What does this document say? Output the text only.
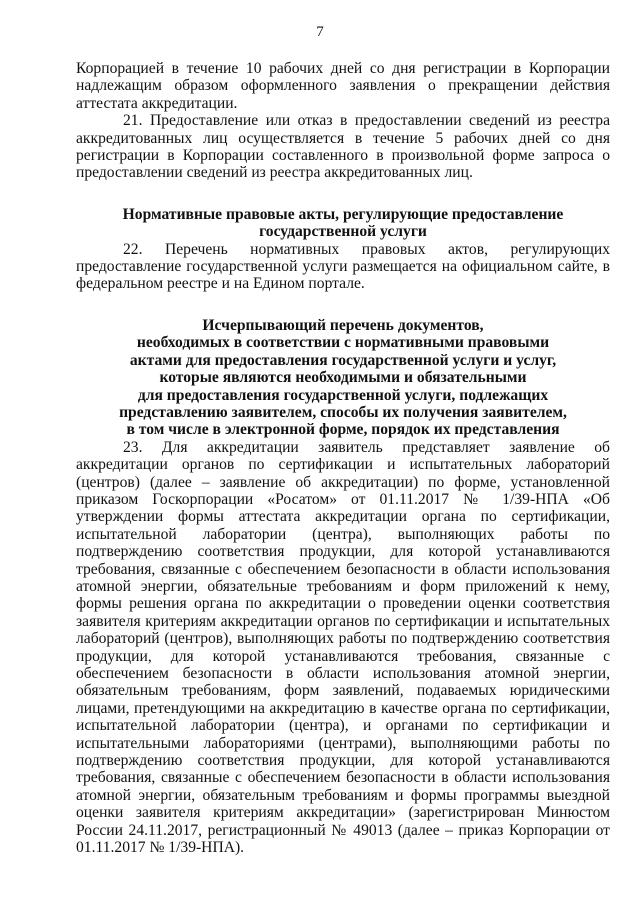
7

Корпорацией в течение 10 рабочих дней со дня регистрации в Корпорации надлежащим образом оформленного заявления о прекращении действия аттестата аккредитации.

21. Предоставление или отказ в предоставлении сведений из реестра аккредитованных лиц осуществляется в течение 5 рабочих дней со дня регистрации в Корпорации составленного в произвольной форме запроса о предоставлении сведений из реестра аккредитованных лиц.

Нормативные правовые акты, регулирующие предоставление
государственной услуги

22. Перечень нормативных правовых актов, регулирующих предоставление государственной услуги размещается на официальном сайте, в федеральном реестре и на Едином портале.

Исчерпывающий перечень документов,
необходимых в соответствии с нормативными правовыми
актами для предоставления государственной услуги и услуг,
которые являются необходимыми и обязательными
для предоставления государственной услуги, подлежащих
представлению заявителем, способы их получения заявителем,
в том числе в электронной форме, порядок их представления

23. Для аккредитации заявитель представляет заявление об аккредитации органов по сертификации и испытательных лабораторий (центров) (далее – заявление об аккредитации) по форме, установленной приказом Госкорпорации «Росатом» от 01.11.2017 № 1/39-НПА «Об утверждении формы аттестата аккредитации органа по сертификации, испытательной лаборатории (центра), выполняющих работы по подтверждению соответствия продукции, для которой устанавливаются требования, связанные с обеспечением безопасности в области использования атомной энергии, обязательные требованиям и форм приложений к нему, формы решения органа по аккредитации о проведении оценки соответствия заявителя критериям аккредитации органов по сертификации и испытательных лабораторий (центров), выполняющих работы по подтверждению соответствия продукции, для которой устанавливаются требования, связанные с обеспечением безопасности в области использования атомной энергии, обязательным требованиям, форм заявлений, подаваемых юридическими лицами, претендующими на аккредитацию в качестве органа по сертификации, испытательной лаборатории (центра), и органами по сертификации и испытательными лабораториями (центрами), выполняющими работы по подтверждению соответствия продукции, для которой устанавливаются требования, связанные с обеспечением безопасности в области использования атомной энергии, обязательным требованиям и формы программы выездной оценки заявителя критериям аккредитации» (зарегистрирован Минюстом России 24.11.2017, регистрационный № 49013 (далее – приказ Корпорации от 01.11.2017 № 1/39-НПА).
